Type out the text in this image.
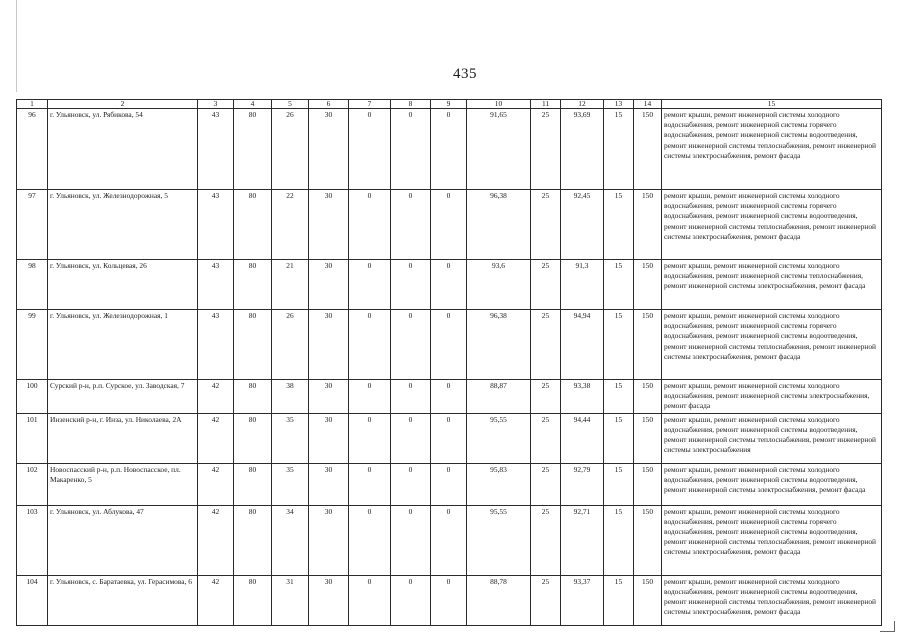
435
1	2	3	4	5	6	7	8	9	10	11	12	13	14	15
96	г. Ульяновск, ул. Рябикова, 54	43	80	26	30	0	0	0	91,65	25	93,69	15	150	ремонт крыши, ремонт инженерной системы холодного водоснабжения, ремонт инженерной системы горячего водоснабжения, ремонт инженерной системы водоотведения, ремонт инженерной системы теплоснабжения, ремонт инженерной системы электроснабжения, ремонт фасада
97	г. Ульяновск, ул. Железнодорожная, 5	43	80	22	30	0	0	0	96,38	25	92,45	15	150	ремонт крыши, ремонт инженерной системы холодного водоснабжения, ремонт инженерной системы горячего водоснабжения, ремонт инженерной системы водоотведения, ремонт инженерной системы теплоснабжения, ремонт инженерной системы электроснабжения, ремонт фасада
98	г. Ульяновск, ул. Кольцевая, 26	43	80	21	30	0	0	0	93,6	25	91,3	15	150	ремонт крыши, ремонт инженерной системы холодного водоснабжения, ремонт инженерной системы теплоснабжения, ремонт инженерной системы электроснабжения, ремонт фасада
99	г. Ульяновск, ул. Железнодорожная, 1	43	80	26	30	0	0	0	96,38	25	94,94	15	150	ремонт крыши, ремонт инженерной системы холодного водоснабжения, ремонт инженерной системы горячего водоснабжения, ремонт инженерной системы водоотведения, ремонт инженерной системы теплоснабжения, ремонт инженерной системы электроснабжения, ремонт фасада
100	Сурский р-н, р.п. Сурское, ул. Заводская, 7	42	80	38	30	0	0	0	88,87	25	93,38	15	150	ремонт крыши, ремонт инженерной системы холодного водоснабжения, ремонт инженерной системы электроснабжения, ремонт фасада
101	Инзенский р-н, г. Инза, ул. Николаева, 2А	42	80	35	30	0	0	0	95,55	25	94,44	15	150	ремонт крыши, ремонт инженерной системы холодного водоснабжения, ремонт инженерной системы водоотведения, ремонт инженерной системы теплоснабжения, ремонт инженерной системы электроснабжения
102	Новоспасский р-н, р.п. Новоспасское, пл. Макаренко, 5	42	80	35	30	0	0	0	95,83	25	92,79	15	150	ремонт крыши, ремонт инженерной системы холодного водоснабжения, ремонт инженерной системы водоотведения, ремонт инженерной системы электроснабжения, ремонт фасада
103	г. Ульяновск, ул. Аблукова, 47	42	80	34	30	0	0	0	95,55	25	92,71	15	150	ремонт крыши, ремонт инженерной системы холодного водоснабжения, ремонт инженерной системы горячего водоснабжения, ремонт инженерной системы водоотведения, ремонт инженерной системы теплоснабжения, ремонт инженерной системы электроснабжения, ремонт фасада
104	г. Ульяновск, с. Баратаевка, ул. Герасимова, 6	42	80	31	30	0	0	0	88,78	25	93,37	15	150	ремонт крыши, ремонт инженерной системы холодного водоснабжения, ремонт инженерной системы водоотведения, ремонт инженерной системы теплоснабжения, ремонт инженерной системы электроснабжения, ремонт фасада
